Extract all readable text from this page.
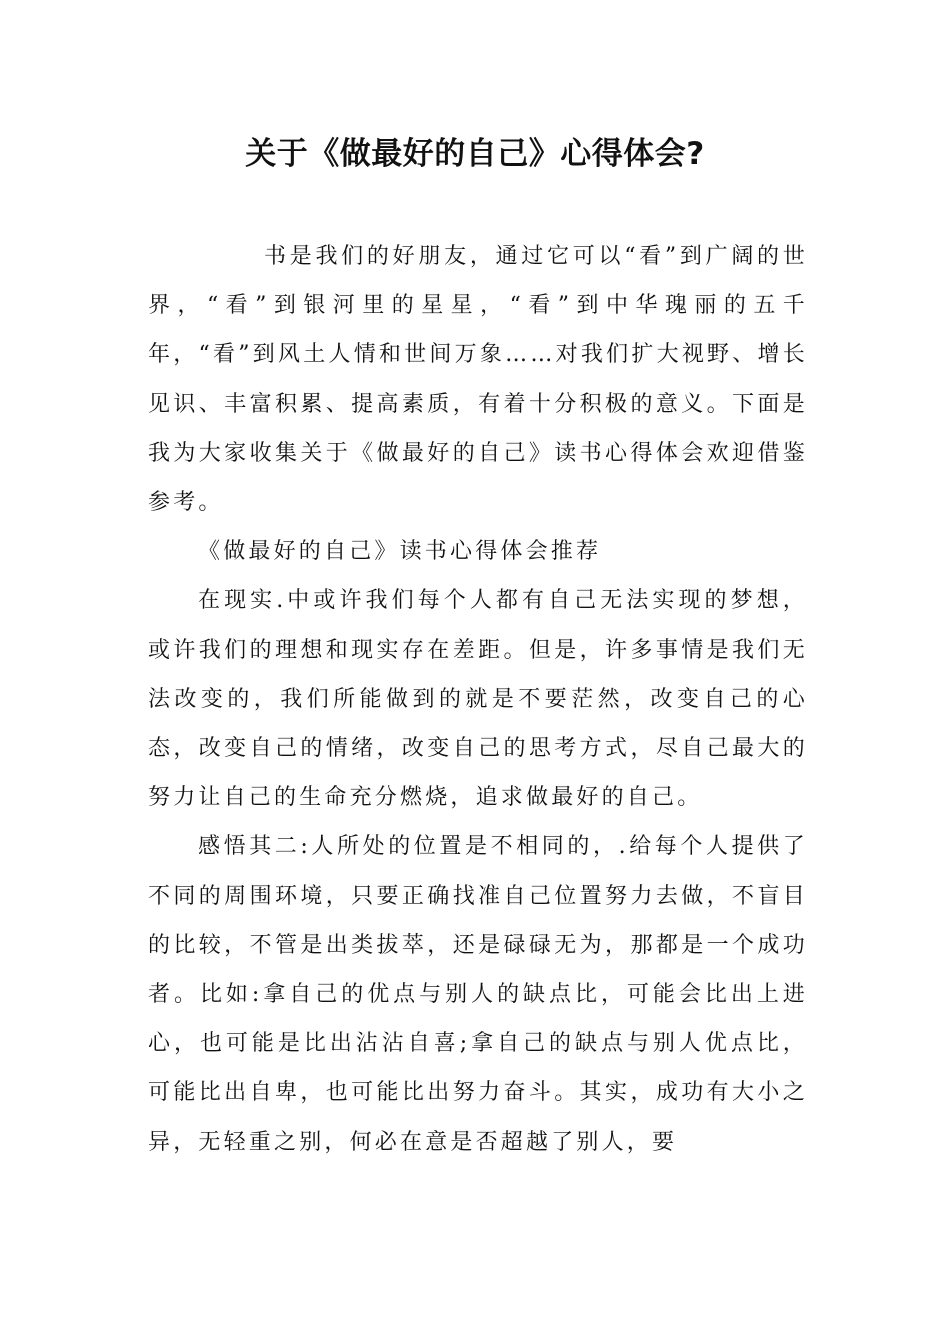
关于《做最好的自己》心得体会?

书是我们的好朋友，通过它可以“看”到广阔的世界，“看”到银河里的星星，“看”到中华瑰丽的五千年，“看”到风土人情和世间万象……对我们扩大视野、增长见识、丰富积累、提高素质，有着十分积极的意义。下面是我为大家收集关于《做最好的自己》读书心得体会欢迎借鉴参考。

《做最好的自己》读书心得体会推荐

在现实.中或许我们每个人都有自己无法实现的梦想，或许我们的理想和现实存在差距。但是，许多事情是我们无法改变的，我们所能做到的就是不要茫然，改变自己的心态，改变自己的情绪，改变自己的思考方式，尽自己最大的努力让自己的生命充分燃烧，追求做最好的自己。

感悟其二:人所处的位置是不相同的，.给每个人提供了不同的周围环境，只要正确找准自己位置努力去做，不盲目的比较，不管是出类拔萃，还是碌碌无为，那都是一个成功者。比如:拿自己的优点与别人的缺点比，可能会比出上进心，也可能是比出沾沾自喜;拿自己的缺点与别人优点比，可能比出自卑，也可能比出努力奋斗。其实，成功有大小之异，无轻重之别，何必在意是否超越了别人，要
